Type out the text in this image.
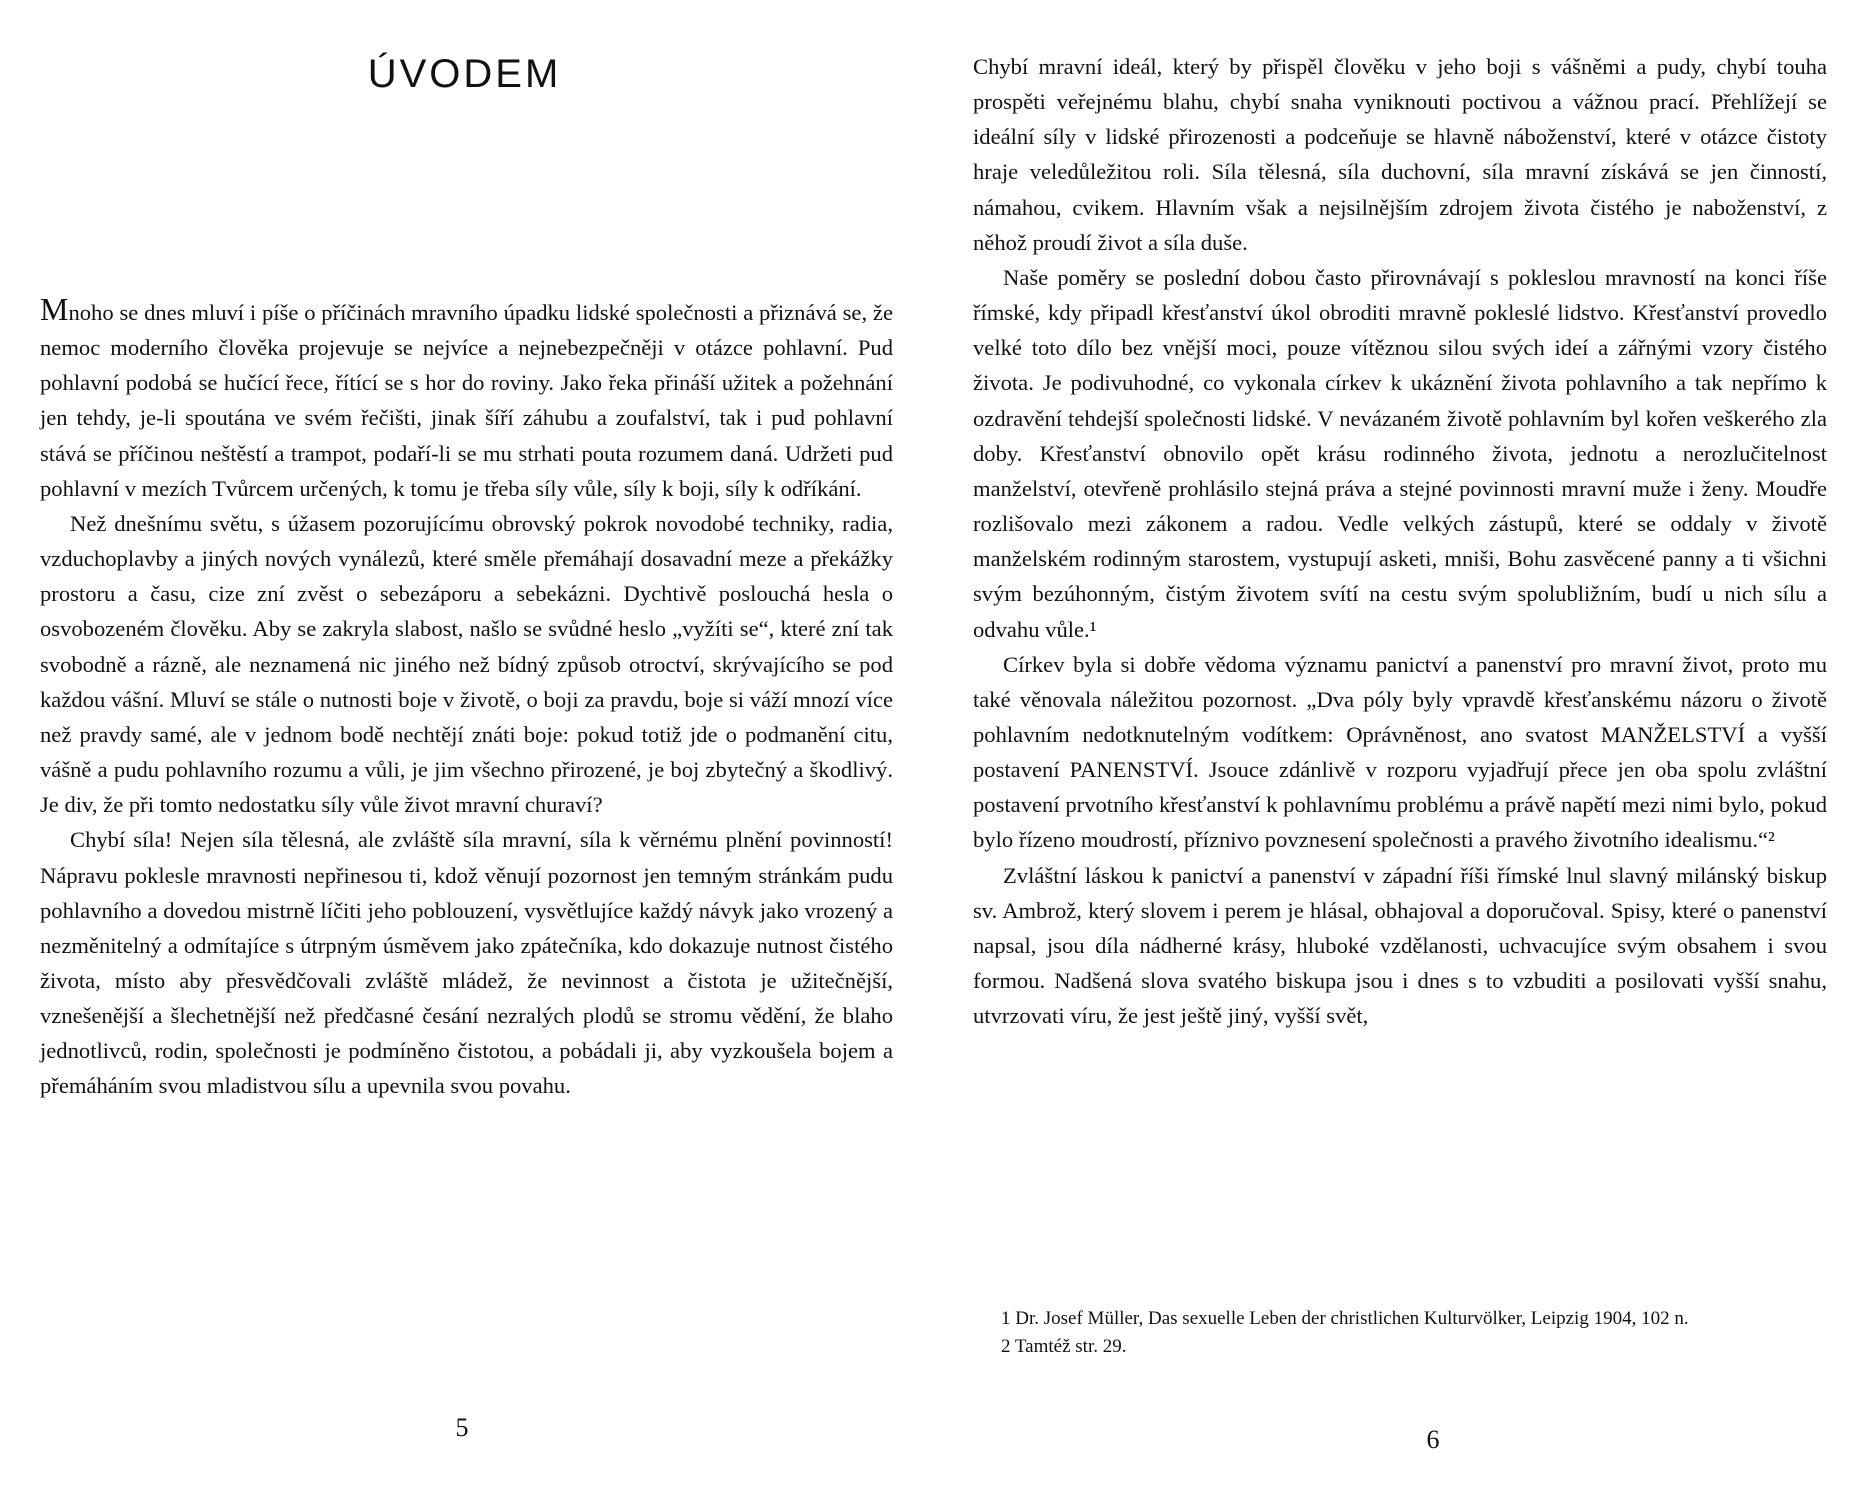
ÚVODEM

Mnoho se dnes mluví i píše o příčinách mravního úpadku lidské společnosti a přiznává se, že nemoc moderního člověka projevuje se nejvíce a nejnebezpečněji v otázce pohlavní. Pud pohlavní podobá se hučící řece, řítící se s hor do roviny. Jako řeka přináší užitek a požehnání jen tehdy, je-li spoutána ve svém řečišti, jinak šíří záhubu a zoufalství, tak i pud pohlavní stává se příčinou neštěstí a trampot, podaří-li se mu strhati pouta rozumem daná. Udržeti pud pohlavní v mezích Tvůrcem určených, k tomu je třeba síly vůle, síly k boji, síly k odříkání.

Než dnešnímu světu, s úžasem pozorujícímu obrovský pokrok novodobé techniky, radia, vzduchoplavby a jiných nových vynálezů, které směle přemáhají dosavadní meze a překážky prostoru a času, cize zní zvěst o sebezáporu a sebekázni. Dychtivě poslouchá hesla o osvobozeném člověku. Aby se zakryla slabost, našlo se svůdné heslo „vyžíti se“, které zní tak svobodně a rázně, ale neznamená nic jiného než bídný způsob otroctví, skrývajícího se pod každou vášní. Mluví se stále o nutnosti boje v životě, o boji za pravdu, boje si váží mnozí více než pravdy samé, ale v jednom bodě nechtějí znáti boje: pokud totiž jde o podmanění citu, vášně a pudu pohlavního rozumu a vůli, je jim všechno přirozené, je boj zbytečný a škodlivý. Je div, že při tomto nedostatku síly vůle život mravní churaví?

Chybí síla! Nejen síla tělesná, ale zvláště síla mravní, síla k věrnému plnění povinností! Nápravu poklesle mravnosti nepřinesou ti, kdož věnují pozornost jen temným stránkám pudu pohlavního a dovedou mistrně líčiti jeho poblouzení, vysvětlujíce každý návyk jako vrozený a nezměnitelný a odmítajíce s útrpným úsměvem jako zpátečníka, kdo dokazuje nutnost čistého života, místo aby přesvědčovali zvláště mládež, že nevinnost a čistota je užitečnější, vznešenější a šlechetnější než předčasné česání nezralých plodů se stromu vědění, že blaho jednotlivců, rodin, společnosti je podmíněno čistotou, a pobádali ji, aby vyzkoušela bojem a přemáháním svou mladistvou sílu a upevnila svou povahu.

5

Chybí mravní ideál, který by přispěl člověku v jeho boji s vášněmi a pudy, chybí touha prospěti veřejnému blahu, chybí snaha vyniknouti poctivou a vážnou prací. Přehlížejí se ideální síly v lidské přirozenosti a podceňuje se hlavně náboženství, které v otázce čistoty hraje veledůležitou roli. Síla tělesná, síla duchovní, síla mravní získává se jen činností, námahou, cvikem. Hlavním však a nejsilnějším zdrojem života čistého je naboženství, z něhož proudí život a síla duše.

Naše poměry se poslední dobou často přirovnávají s pokleslou mravností na konci říše římské, kdy připadl křesťanství úkol obroditi mravně pokleslé lidstvo. Křesťanství provedlo velké toto dílo bez vnější moci, pouze vítěznou silou svých ideí a zářnými vzory čistého života. Je podivuhodné, co vykonala církev k ukáznění života pohlavního a tak nepřímo k ozdravění tehdejší společnosti lidské. V nevázaném životě pohlavním byl kořen veškerého zla doby. Křesťanství obnovilo opět krásu rodinného života, jednotu a nerozlučitelnost manželství, otevřeně prohlásilo stejná práva a stejné povinnosti mravní muže i ženy. Moudře rozlišovalo mezi zákonem a radou. Vedle velkých zástupů, které se oddaly v životě manželském rodinným starostem, vystupují asketi, mniši, Bohu zasvěcené panny a ti všichni svým bezúhonným, čistým životem svítí na cestu svým spolubližním, budí u nich sílu a odvahu vůle.¹

Církev byla si dobře vědoma významu panictví a panenství pro mravní život, proto mu také věnovala náležitou pozornost. „Dva póly byly vpravdě křesťanskému názoru o životě pohlavním nedotknutelným vodítkem: Oprávněnost, ano svatost MANŽELSTVÍ a vyšší postavení PANENSTVÍ. Jsouce zdánlivě v rozporu vyjadřují přece jen oba spolu zvláštní postavení prvotního křesťanství k pohlavnímu problému a právě napětí mezi nimi bylo, pokud bylo řízeno moudrostí, příznivo povznesení společnosti a pravého životního idealismu.“²

Zvláštní láskou k panictví a panenství v západní říši římské lnul slavný milánský biskup sv. Ambrož, který slovem i perem je hlásal, obhajoval a doporučoval. Spisy, které o panenství napsal, jsou díla nádherné krásy, hluboké vzdělanosti, uchvacujíce svým obsahem i svou formou. Nadšená slova svatého biskupa jsou i dnes s to vzbuditi a posilovati vyšší snahu, utvrzovati víru, že jest ještě jiný, vyšší svět,

1 Dr. Josef Müller, Das sexuelle Leben der christlichen Kulturvölker, Leipzig 1904, 102 n.

2 Tamtéž str. 29.

6
